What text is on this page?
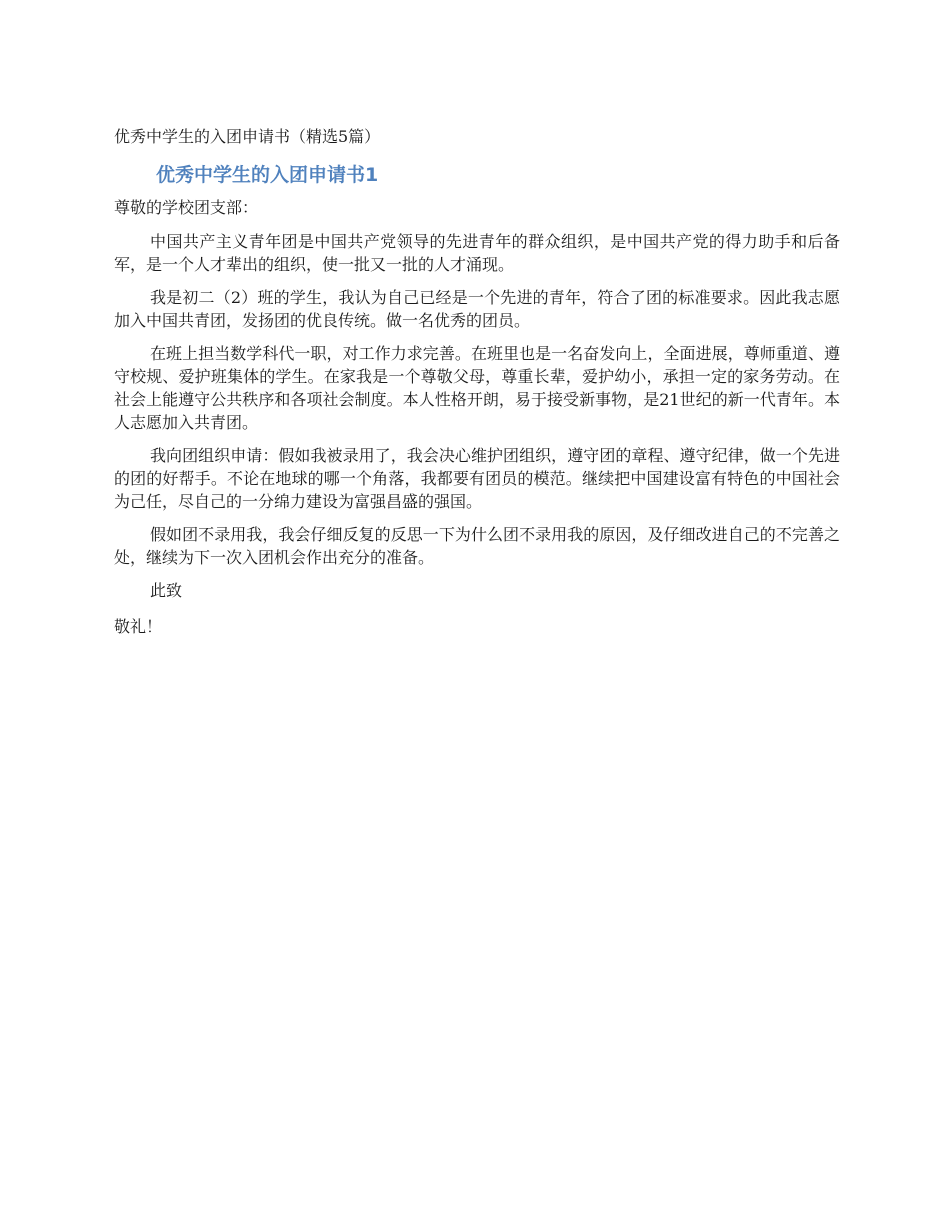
优秀中学生的入团申请书（精选5篇）
优秀中学生的入团申请书1
尊敬的学校团支部：

中国共产主义青年团是中国共产党领导的先进青年的群众组织，是中国共产党的得力助手和后备军，是一个人才辈出的组织，使一批又一批的人才涌现。

我是初二（2）班的学生，我认为自己已经是一个先进的青年，符合了团的标准要求。因此我志愿加入中国共青团，发扬团的优良传统。做一名优秀的团员。

在班上担当数学科代一职，对工作力求完善。在班里也是一名奋发向上，全面进展，尊师重道、遵守校规、爱护班集体的学生。在家我是一个尊敬父母，尊重长辈，爱护幼小，承担一定的家务劳动。在社会上能遵守公共秩序和各项社会制度。本人性格开朗，易于接受新事物，是21世纪的新一代青年。本人志愿加入共青团。

我向团组织申请：假如我被录用了，我会决心维护团组织，遵守团的章程、遵守纪律，做一个先进的团的好帮手。不论在地球的哪一个角落，我都要有团员的模范。继续把中国建设富有特色的中国社会为己任，尽自己的一分绵力建设为富强昌盛的强国。

假如团不录用我，我会仔细反复的反思一下为什么团不录用我的原因，及仔细改进自己的不完善之处，继续为下一次入团机会作出充分的准备。

此致
敬礼！
